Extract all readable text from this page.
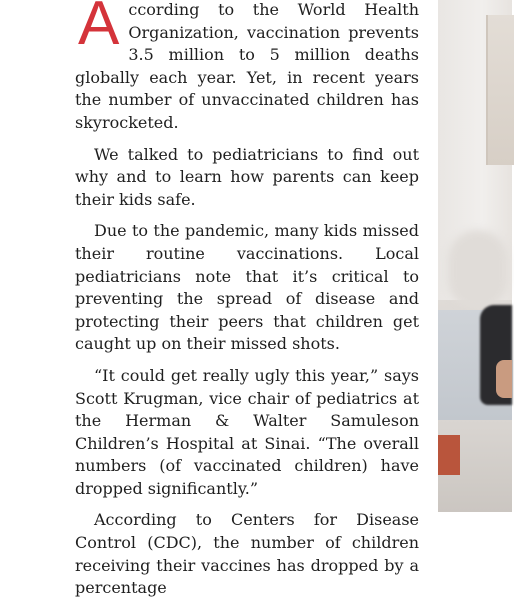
According to the World Health Organization, vaccination prevents 3.5 million to 5 million deaths globally each year. Yet, in recent years the number of unvaccinated children has skyrocketed.

We talked to pediatricians to find out why and to learn how parents can keep their kids safe.

Due to the pandemic, many kids missed their routine vaccinations. Local pediatricians note that it’s critical to preventing the spread of disease and protecting their peers that children get caught up on their missed shots.

“It could get really ugly this year,” says Scott Krugman, vice chair of pediatrics at the Herman & Walter Samuleson Children’s Hospital at Sinai. “The overall numbers (of vaccinated children) have dropped significantly.”

According to Centers for Disease Control (CDC), the number of children receiving their vaccines has dropped by a percentage
